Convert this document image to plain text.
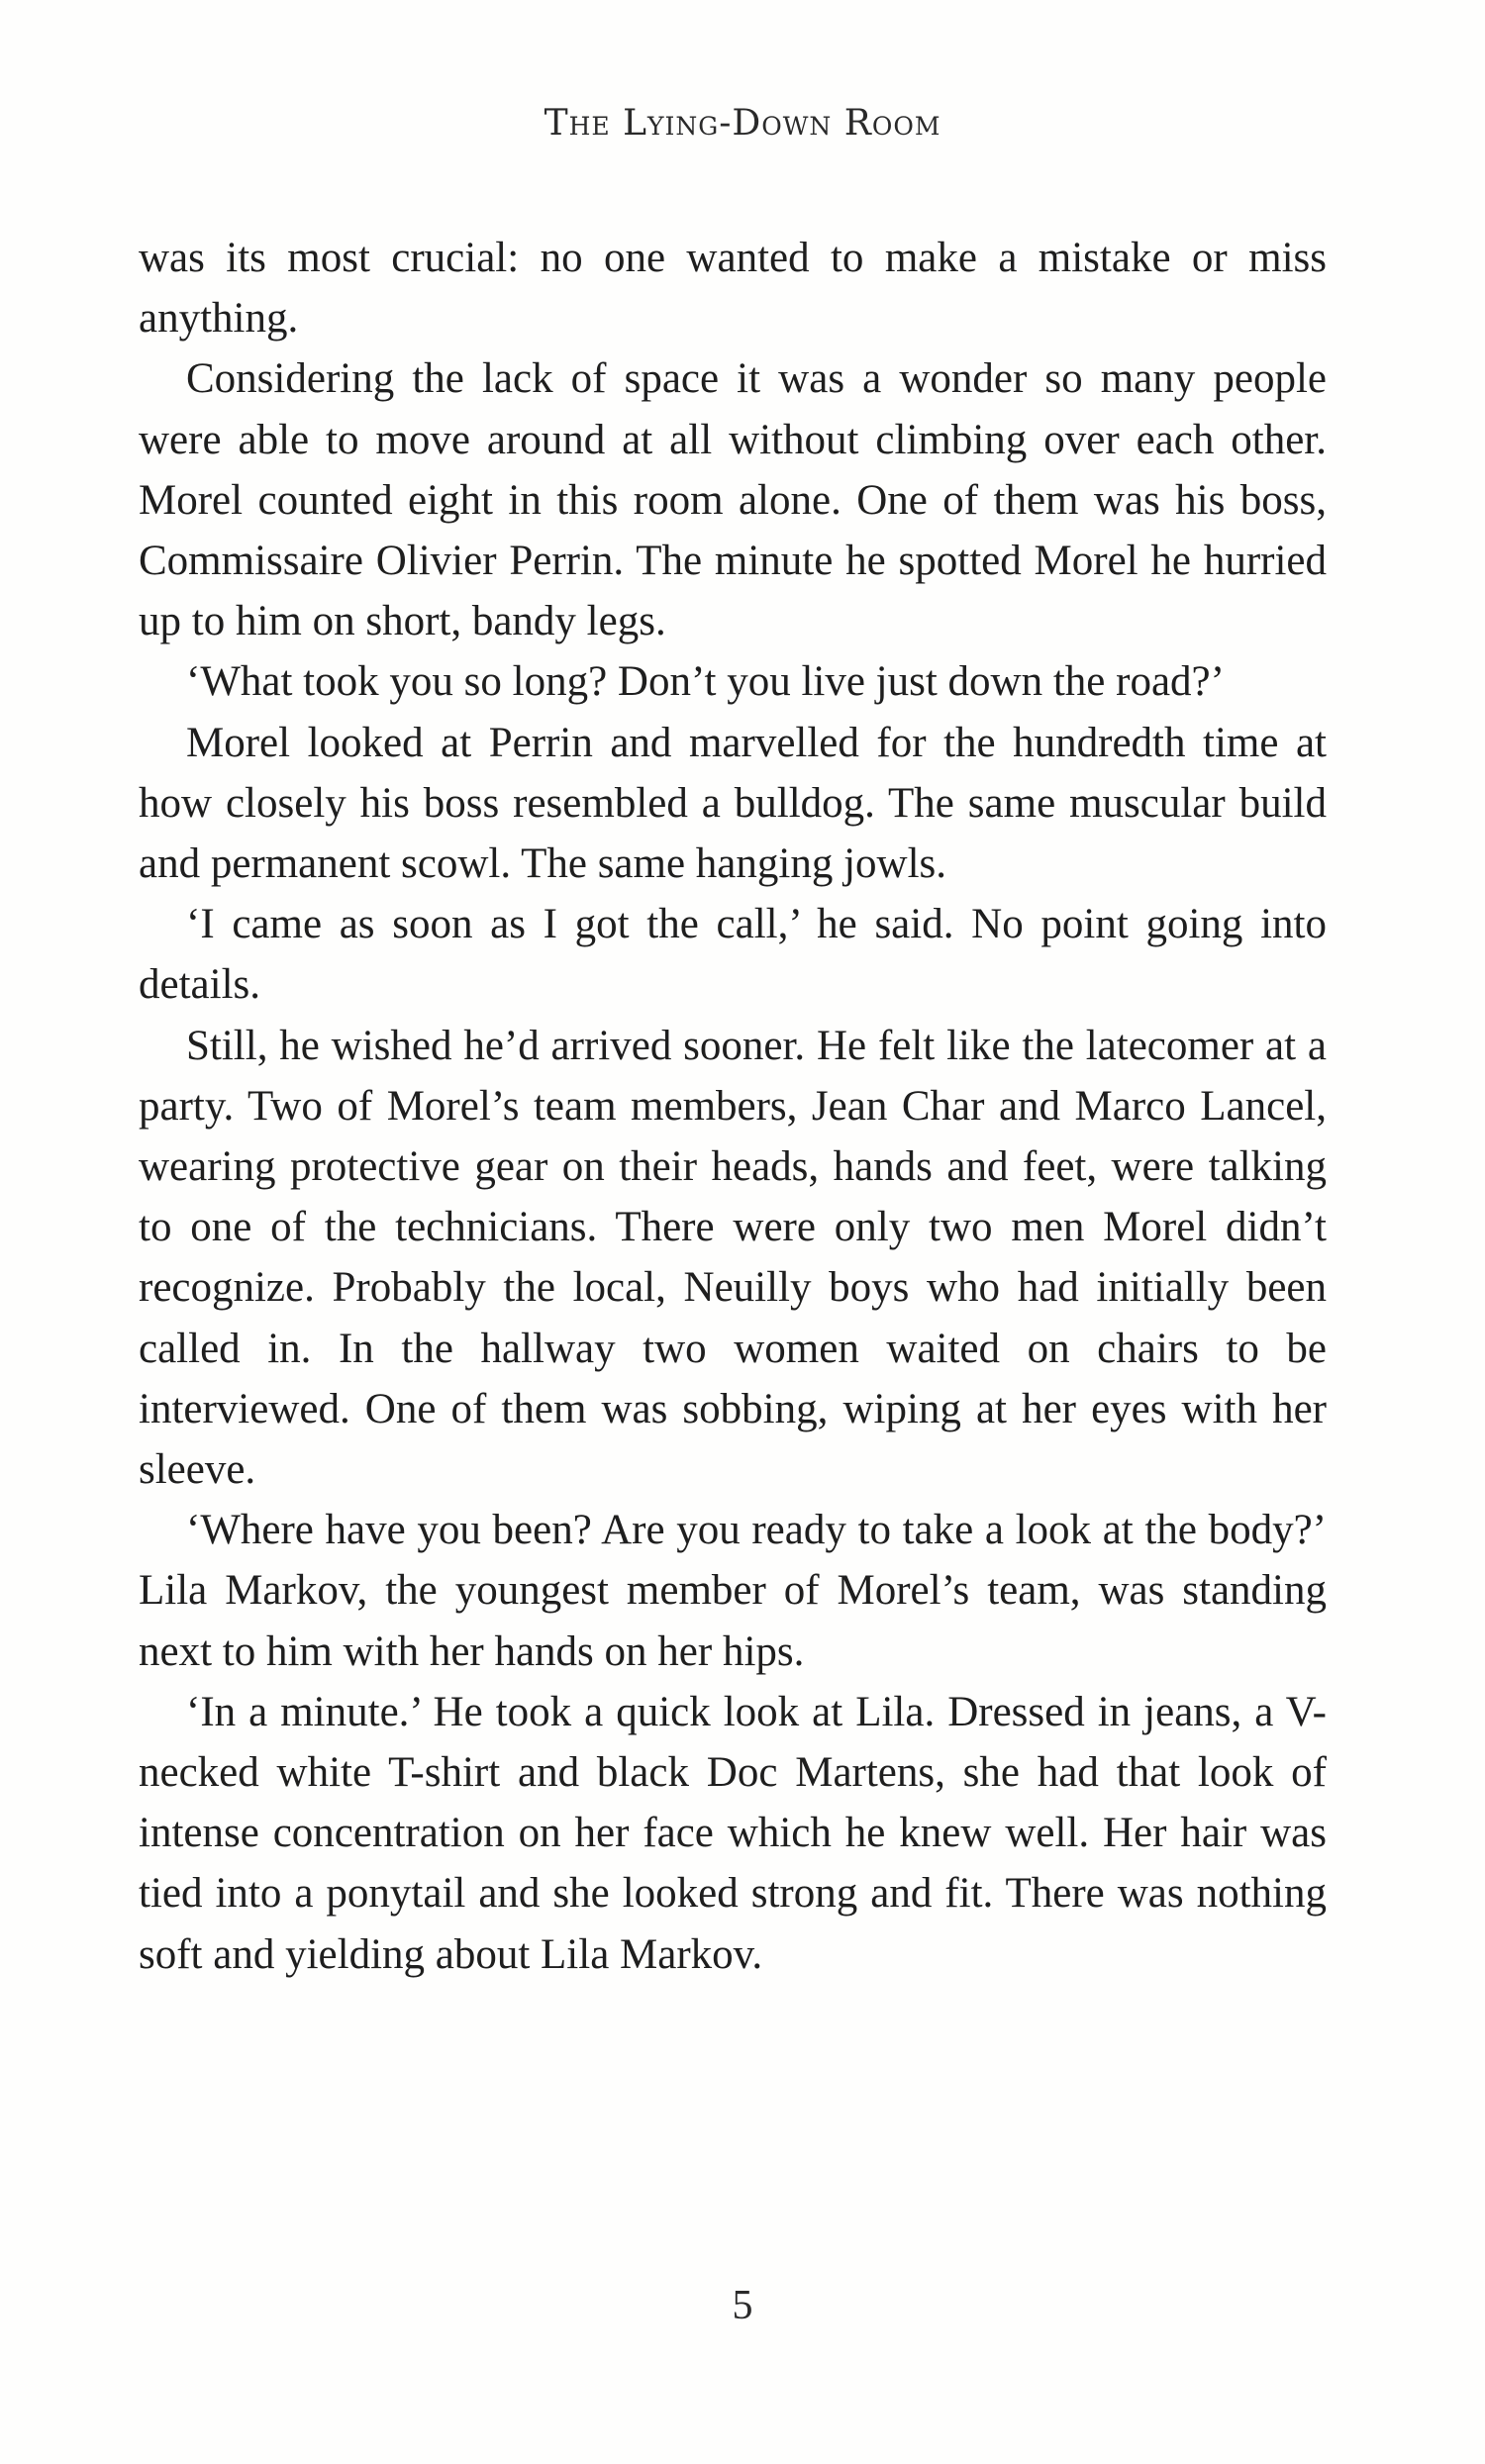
The Lying-Down Room

was its most crucial: no one wanted to make a mistake or miss anything.

Considering the lack of space it was a wonder so many people were able to move around at all without climbing over each other. Morel counted eight in this room alone. One of them was his boss, Commissaire Olivier Perrin. The minute he spotted Morel he hurried up to him on short, bandy legs.

‘What took you so long? Don’t you live just down the road?’

Morel looked at Perrin and marvelled for the hundredth time at how closely his boss resembled a bulldog. The same muscular build and permanent scowl. The same hanging jowls.

‘I came as soon as I got the call,’ he said. No point going into details.

Still, he wished he’d arrived sooner. He felt like the latecomer at a party. Two of Morel’s team members, Jean Char and Marco Lancel, wearing protective gear on their heads, hands and feet, were talking to one of the technicians. There were only two men Morel didn’t recognize. Probably the local, Neuilly boys who had initially been called in. In the hallway two women waited on chairs to be interviewed. One of them was sobbing, wiping at her eyes with her sleeve.

‘Where have you been? Are you ready to take a look at the body?’ Lila Markov, the youngest member of Morel’s team, was standing next to him with her hands on her hips.

‘In a minute.’ He took a quick look at Lila. Dressed in jeans, a V-necked white T-shirt and black Doc Martens, she had that look of intense concentration on her face which he knew well. Her hair was tied into a ponytail and she looked strong and fit. There was nothing soft and yielding about Lila Markov.

5
